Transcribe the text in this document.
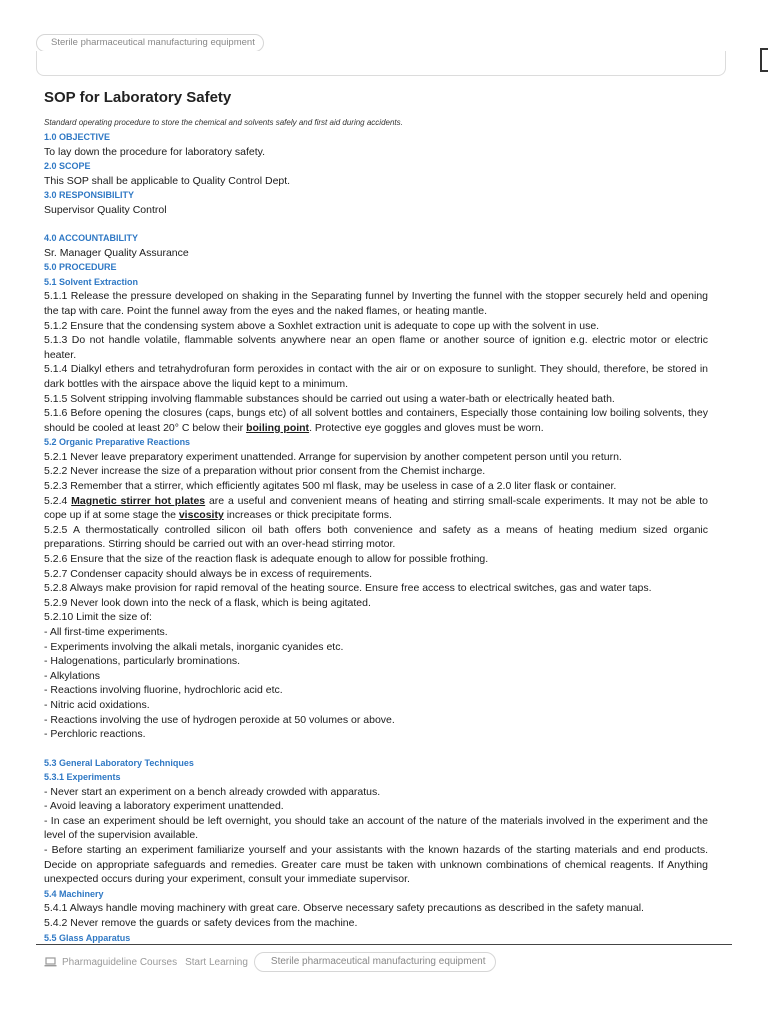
Sterile pharmaceutical manufacturing equipment
SOP for Laboratory Safety
Standard operating procedure to store the chemical and solvents safely and first aid during accidents.
1.0 OBJECTIVE
To lay down the procedure for laboratory safety.
2.0 SCOPE
This SOP shall be applicable to Quality Control Dept.
3.0 RESPONSIBILITY
Supervisor Quality Control
4.0 ACCOUNTABILITY
Sr. Manager Quality Assurance
5.0 PROCEDURE
5.1 Solvent Extraction
5.1.1 Release the pressure developed on shaking in the Separating funnel by Inverting the funnel with the stopper securely held and opening the tap with care. Point the funnel away from the eyes and the naked flames, or heating mantle.
5.1.2 Ensure that the condensing system above a Soxhlet extraction unit is adequate to cope up with the solvent in use.
5.1.3 Do not handle volatile, flammable solvents anywhere near an open flame or another source of ignition e.g. electric motor or electric heater.
5.1.4 Dialkyl ethers and tetrahydrofuran form peroxides in contact with the air or on exposure to sunlight. They should, therefore, be stored in dark bottles with the airspace above the liquid kept to a minimum.
5.1.5 Solvent stripping involving flammable substances should be carried out using a water-bath or electrically heated bath.
5.1.6 Before opening the closures (caps, bungs etc) of all solvent bottles and containers, Especially those containing low boiling solvents, they should be cooled at least 20° C below their boiling point. Protective eye goggles and gloves must be worn.
5.2 Organic Preparative Reactions
5.2.1 Never leave preparatory experiment unattended. Arrange for supervision by another competent person until you return.
5.2.2 Never increase the size of a preparation without prior consent from the Chemist incharge.
5.2.3 Remember that a stirrer, which efficiently agitates 500 ml flask, may be useless in case of a 2.0 liter flask or container.
5.2.4 Magnetic stirrer hot plates are a useful and convenient means of heating and stirring small-scale experiments. It may not be able to cope up if at some stage the viscosity increases or thick precipitate forms.
5.2.5 A thermostatically controlled silicon oil bath offers both convenience and safety as a means of heating medium sized organic preparations. Stirring should be carried out with an over-head stirring motor.
5.2.6 Ensure that the size of the reaction flask is adequate enough to allow for possible frothing.
5.2.7 Condenser capacity should always be in excess of requirements.
5.2.8 Always make provision for rapid removal of the heating source. Ensure free access to electrical switches, gas and water taps.
5.2.9 Never look down into the neck of a flask, which is being agitated.
5.2.10 Limit the size of:
- All first-time experiments.
- Experiments involving the alkali metals, inorganic cyanides etc.
- Halogenations, particularly brominations.
- Alkylations
- Reactions involving fluorine, hydrochloric acid etc.
- Nitric acid oxidations.
- Reactions involving the use of hydrogen peroxide at 50 volumes or above.
- Perchloric reactions.
5.3 General Laboratory Techniques
5.3.1 Experiments
- Never start an experiment on a bench already crowded with apparatus.
- Avoid leaving a laboratory experiment unattended.
- In case an experiment should be left overnight, you should take an account of the nature of the materials involved in the experiment and the level of the supervision available.
- Before starting an experiment familiarize yourself and your assistants with the known hazards of the starting materials and end products. Decide on appropriate safeguards and remedies. Greater care must be taken with unknown combinations of chemical reagents. If Anything unexpected occurs during your experiment, consult your immediate supervisor.
5.4 Machinery
5.4.1 Always handle moving machinery with great care. Observe necessary safety precautions as described in the safety manual.
5.4.2 Never remove the guards or safety devices from the machine.
5.5 Glass Apparatus
Pharmaguideline Courses Start Learning	Sterile pharmaceutical manufacturing equipment
